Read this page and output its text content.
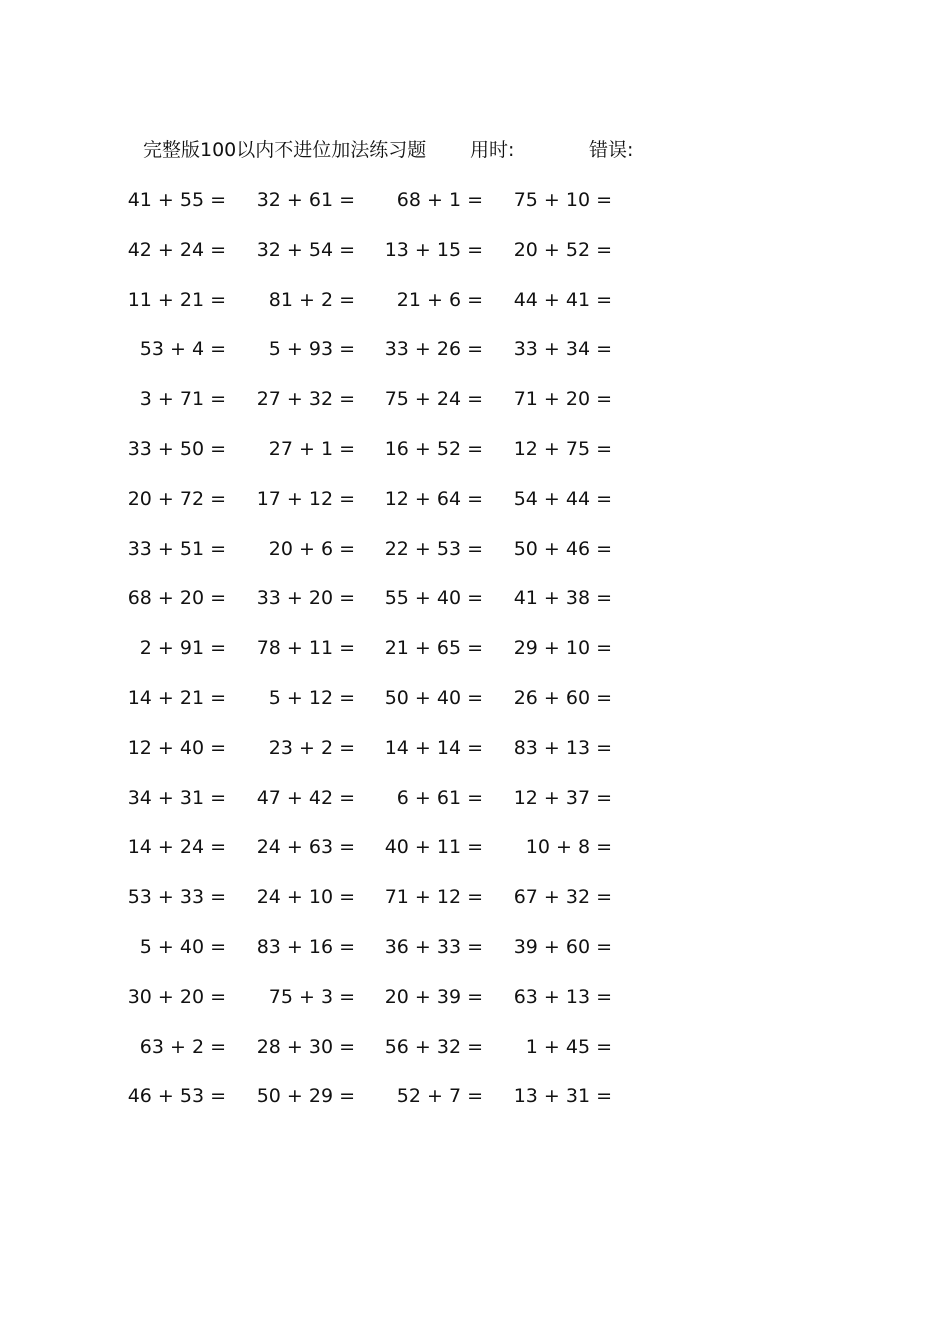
完整版100以内不进位加法练习题 用时:	错误:
41 + 55 =	32 + 61 =	68 + 1 =	75 + 10 =
42 + 24 =	32 + 54 =	13 + 15 =	20 + 52 =
11 + 21 =	81 + 2 =	21 + 6 =	44 + 41 =
53 + 4 =	5 + 93 =	33 + 26 =	33 + 34 =
3 + 71 =	27 + 32 =	75 + 24 =	71 + 20 =
33 + 50 =	27 + 1 =	16 + 52 =	12 + 75 =
20 + 72 =	17 + 12 =	12 + 64 =	54 + 44 =
33 + 51 =	20 + 6 =	22 + 53 =	50 + 46 =
68 + 20 =	33 + 20 =	55 + 40 =	41 + 38 =
2 + 91 =	78 + 11 =	21 + 65 =	29 + 10 =
14 + 21 =	5 + 12 =	50 + 40 =	26 + 60 =
12 + 40 =	23 + 2 =	14 + 14 =	83 + 13 =
34 + 31 =	47 + 42 =	6 + 61 =	12 + 37 =
14 + 24 =	24 + 63 =	40 + 11 =	10 + 8 =
53 + 33 =	24 + 10 =	71 + 12 =	67 + 32 =
5 + 40 =	83 + 16 =	36 + 33 =	39 + 60 =
30 + 20 =	75 + 3 =	20 + 39 =	63 + 13 =
63 + 2 =	28 + 30 =	56 + 32 =	1 + 45 =
46 + 53 =	50 + 29 =	52 + 7 =	13 + 31 =
